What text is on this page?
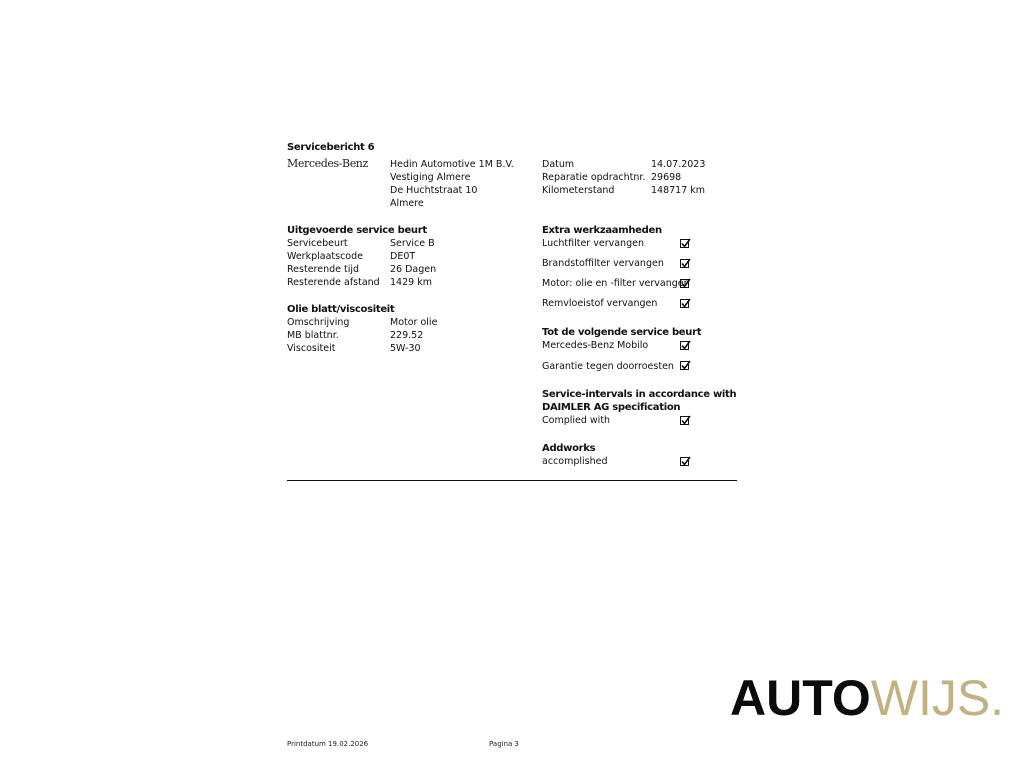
Servicebericht 6
Mercedes-Benz Hedin Automotive 1M B.V.
Vestiging Almere
De Huchtstraat 10
Almere
Datum	14.07.2023
Reparatie opdrachtnr. 29698
Kilometerstand	148717 km
Uitgevoerde service beurt
Servicebeurt	Service B
Werkplaatscode	DE0T
Resterende tijd	26 Dagen
Resterende afstand 1429 km
Olie blatt/viscositeit
Omschrijving	Motor olie
MB blattnr.	229.52
Viscositeit	5W-30
Extra werkzaamheden
Luchtfilter vervangen
Brandstoffilter vervangen
Motor: olie en -filter vervangen
Remvloeistof vervangen
Tot de volgende service beurt
Mercedes-Benz Mobilo
Garantie tegen doorroesten
Service-intervals in accordance with
DAIMLER AG specification
Complied with
Addworks
accomplished
Printdatum 19.02.2026	Pagina 3
AUTOWIJS.
